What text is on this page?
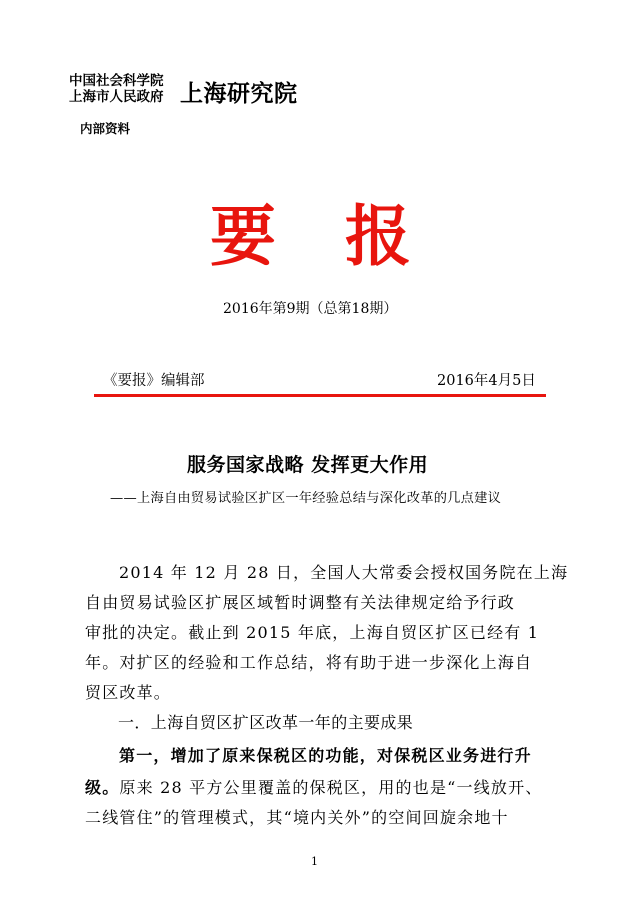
中国社会科学院
上海市人民政府 上海研究院
内部资料
要 报
2016年第9期（总第18期）
《要报》编辑部	2016年4月5日
服务国家战略 发挥更大作用
——上海自由贸易试验区扩区一年经验总结与深化改革的几点建议
2014 年 12 月 28 日，全国人大常委会授权国务院在上海
自由贸易试验区扩展区域暂时调整有关法律规定给予行政
审批的决定。截止到 2015 年底，上海自贸区扩区已经有 1
年。对扩区的经验和工作总结，将有助于进一步深化上海自
贸区改革。
一．上海自贸区扩区改革一年的主要成果
第一，增加了原来保税区的功能，对保税区业务进行升
级。原来 28 平方公里覆盖的保税区，用的也是“一线放开、
二线管住”的管理模式，其“境内关外”的空间回旋余地十
1
